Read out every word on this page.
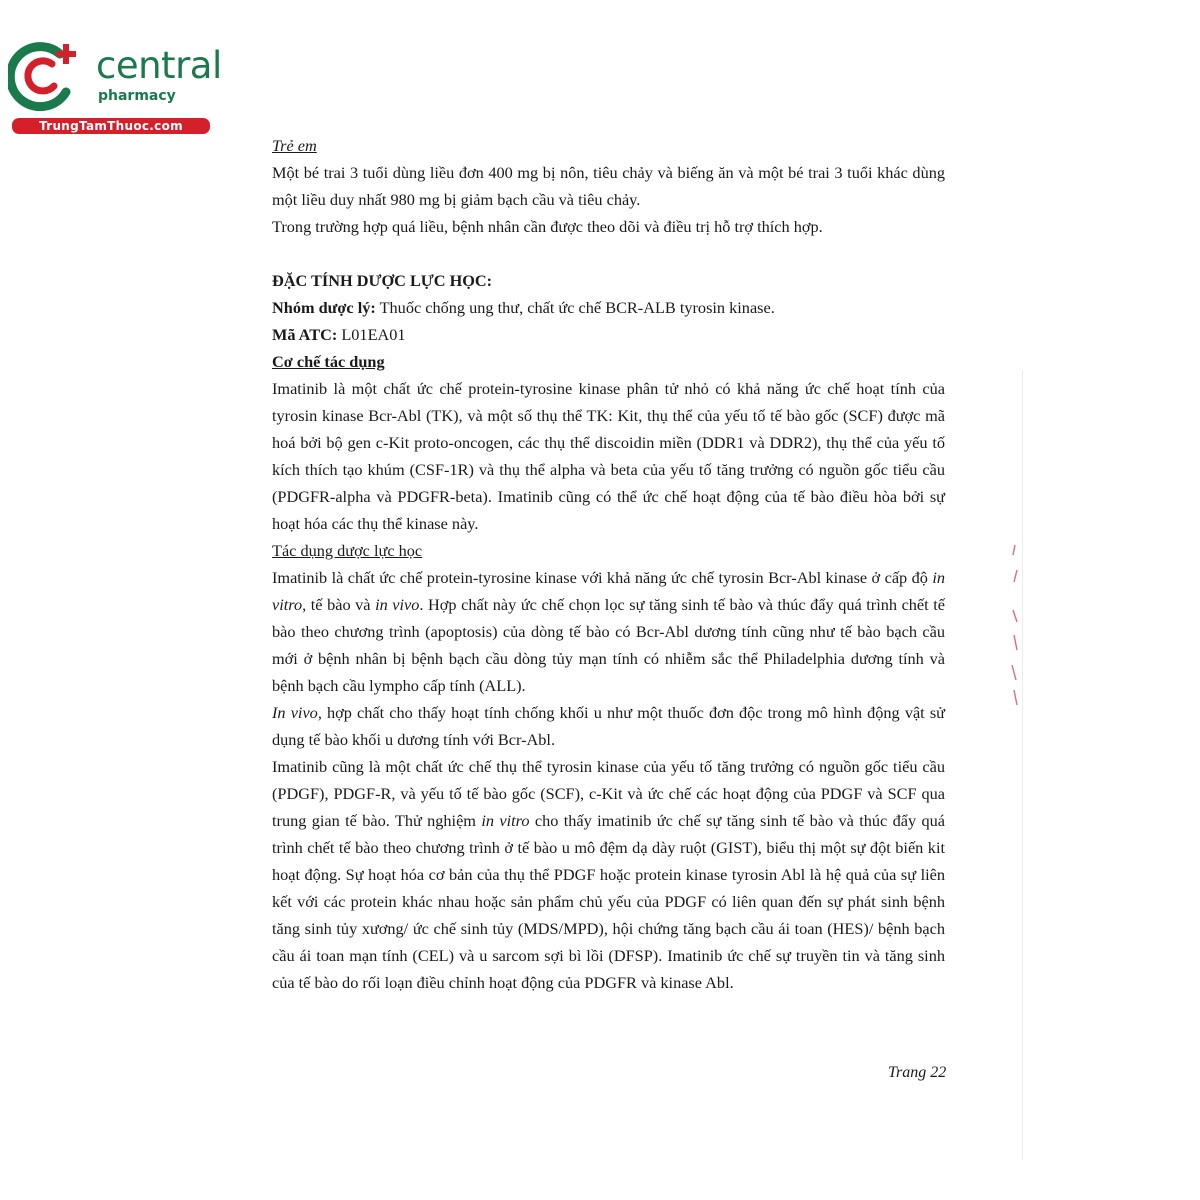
central
pharmacy
TrungTamThuoc.com

Trẻ em

Một bé trai 3 tuổi dùng liều đơn 400 mg bị nôn, tiêu chảy và biếng ăn và một bé trai 3 tuổi khác dùng một liều duy nhất 980 mg bị giảm bạch cầu và tiêu chảy.

Trong trường hợp quá liều, bệnh nhân cần được theo dõi và điều trị hỗ trợ thích hợp.

ĐẶC TÍNH DƯỢC LỰC HỌC:

Nhóm dược lý: Thuốc chống ung thư, chất ức chế BCR-ALB tyrosin kinase.

Mã ATC: L01EA01

Cơ chế tác dụng

Imatinib là một chất ức chế protein-tyrosine kinase phân tử nhỏ có khả năng ức chế hoạt tính của tyrosin kinase Bcr-Abl (TK), và một số thụ thể TK: Kit, thụ thể của yếu tố tế bào gốc (SCF) được mã hoá bởi bộ gen c-Kit proto-oncogen, các thụ thể discoidin miền (DDR1 và DDR2), thụ thể của yếu tố kích thích tạo khúm (CSF-1R) và thụ thể alpha và beta của yếu tố tăng trưởng có nguồn gốc tiểu cầu (PDGFR-alpha và PDGFR-beta). Imatinib cũng có thể ức chế hoạt động của tế bào điều hòa bởi sự hoạt hóa các thụ thể kinase này.

Tác dụng dược lực học

Imatinib là chất ức chế protein-tyrosine kinase với khả năng ức chế tyrosin Bcr-Abl kinase ở cấp độ in vitro, tế bào và in vivo. Hợp chất này ức chế chọn lọc sự tăng sinh tế bào và thúc đẩy quá trình chết tế bào theo chương trình (apoptosis) của dòng tế bào có Bcr-Abl dương tính cũng như tế bào bạch cầu mới ở bệnh nhân bị bệnh bạch cầu dòng tủy mạn tính có nhiễm sắc thể Philadelphia dương tính và bệnh bạch cầu lympho cấp tính (ALL).

In vivo, hợp chất cho thấy hoạt tính chống khối u như một thuốc đơn độc trong mô hình động vật sử dụng tế bào khối u dương tính với Bcr-Abl.

Imatinib cũng là một chất ức chế thụ thể tyrosin kinase của yếu tố tăng trưởng có nguồn gốc tiểu cầu (PDGF), PDGF-R, và yếu tố tế bào gốc (SCF), c-Kit và ức chế các hoạt động của PDGF và SCF qua trung gian tế bào. Thử nghiệm in vitro cho thấy imatinib ức chế sự tăng sinh tế bào và thúc đẩy quá trình chết tế bào theo chương trình ở tế bào u mô đệm dạ dày ruột (GIST), biểu thị một sự đột biến kit hoạt động. Sự hoạt hóa cơ bản của thụ thể PDGF hoặc protein kinase tyrosin Abl là hệ quả của sự liên kết với các protein khác nhau hoặc sản phẩm chủ yếu của PDGF có liên quan đến sự phát sinh bệnh tăng sinh tủy xương/ ức chế sinh tủy (MDS/MPD), hội chứng tăng bạch cầu ái toan (HES)/ bệnh bạch cầu ái toan mạn tính (CEL) và u sarcom sợi bì lồi (DFSP). Imatinib ức chế sự truyền tin và tăng sinh của tế bào do rối loạn điều chỉnh hoạt động của PDGFR và kinase Abl.

Trang 22
